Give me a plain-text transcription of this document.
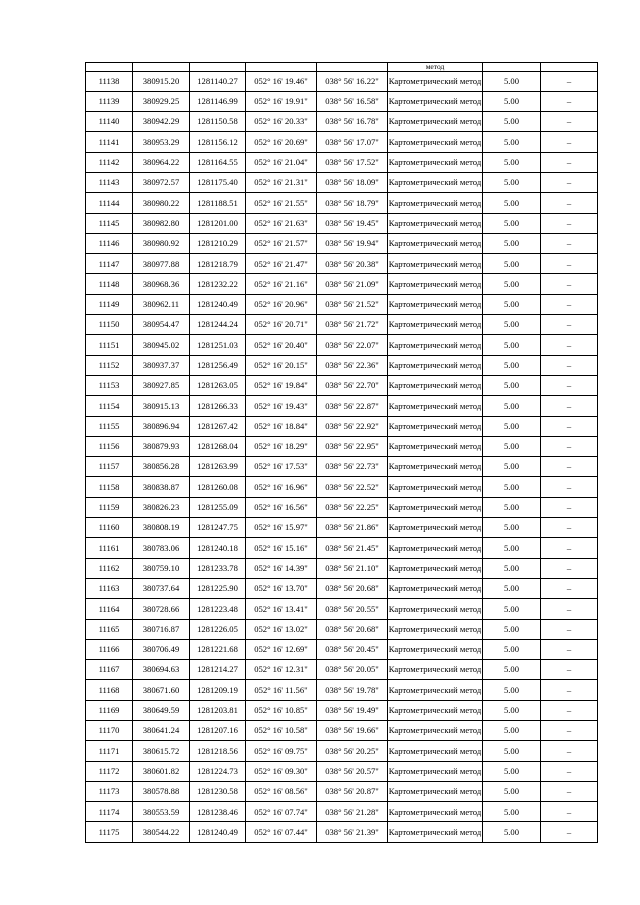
					метод		
11138	380915.20	1281140.27	052° 16' 19.46"	038° 56' 16.22"	Картометрический метод	5.00	–
11139	380929.25	1281146.99	052° 16' 19.91"	038° 56' 16.58"	Картометрический метод	5.00	–
11140	380942.29	1281150.58	052° 16' 20.33"	038° 56' 16.78"	Картометрический метод	5.00	–
11141	380953.29	1281156.12	052° 16' 20.69"	038° 56' 17.07"	Картометрический метод	5.00	–
11142	380964.22	1281164.55	052° 16' 21.04"	038° 56' 17.52"	Картометрический метод	5.00	–
11143	380972.57	1281175.40	052° 16' 21.31"	038° 56' 18.09"	Картометрический метод	5.00	–
11144	380980.22	1281188.51	052° 16' 21.55"	038° 56' 18.79"	Картометрический метод	5.00	–
11145	380982.80	1281201.00	052° 16' 21.63"	038° 56' 19.45"	Картометрический метод	5.00	–
11146	380980.92	1281210.29	052° 16' 21.57"	038° 56' 19.94"	Картометрический метод	5.00	–
11147	380977.88	1281218.79	052° 16' 21.47"	038° 56' 20.38"	Картометрический метод	5.00	–
11148	380968.36	1281232.22	052° 16' 21.16"	038° 56' 21.09"	Картометрический метод	5.00	–
11149	380962.11	1281240.49	052° 16' 20.96"	038° 56' 21.52"	Картометрический метод	5.00	–
11150	380954.47	1281244.24	052° 16' 20.71"	038° 56' 21.72"	Картометрический метод	5.00	–
11151	380945.02	1281251.03	052° 16' 20.40"	038° 56' 22.07"	Картометрический метод	5.00	–
11152	380937.37	1281256.49	052° 16' 20.15"	038° 56' 22.36"	Картометрический метод	5.00	–
11153	380927.85	1281263.05	052° 16' 19.84"	038° 56' 22.70"	Картометрический метод	5.00	–
11154	380915.13	1281266.33	052° 16' 19.43"	038° 56' 22.87"	Картометрический метод	5.00	–
11155	380896.94	1281267.42	052° 16' 18.84"	038° 56' 22.92"	Картометрический метод	5.00	–
11156	380879.93	1281268.04	052° 16' 18.29"	038° 56' 22.95"	Картометрический метод	5.00	–
11157	380856.28	1281263.99	052° 16' 17.53"	038° 56' 22.73"	Картометрический метод	5.00	–
11158	380838.87	1281260.08	052° 16' 16.96"	038° 56' 22.52"	Картометрический метод	5.00	–
11159	380826.23	1281255.09	052° 16' 16.56"	038° 56' 22.25"	Картометрический метод	5.00	–
11160	380808.19	1281247.75	052° 16' 15.97"	038° 56' 21.86"	Картометрический метод	5.00	–
11161	380783.06	1281240.18	052° 16' 15.16"	038° 56' 21.45"	Картометрический метод	5.00	–
11162	380759.10	1281233.78	052° 16' 14.39"	038° 56' 21.10"	Картометрический метод	5.00	–
11163	380737.64	1281225.90	052° 16' 13.70"	038° 56' 20.68"	Картометрический метод	5.00	–
11164	380728.66	1281223.48	052° 16' 13.41"	038° 56' 20.55"	Картометрический метод	5.00	–
11165	380716.87	1281226.05	052° 16' 13.02"	038° 56' 20.68"	Картометрический метод	5.00	–
11166	380706.49	1281221.68	052° 16' 12.69"	038° 56' 20.45"	Картометрический метод	5.00	–
11167	380694.63	1281214.27	052° 16' 12.31"	038° 56' 20.05"	Картометрический метод	5.00	–
11168	380671.60	1281209.19	052° 16' 11.56"	038° 56' 19.78"	Картометрический метод	5.00	–
11169	380649.59	1281203.81	052° 16' 10.85"	038° 56' 19.49"	Картометрический метод	5.00	–
11170	380641.24	1281207.16	052° 16' 10.58"	038° 56' 19.66"	Картометрический метод	5.00	–
11171	380615.72	1281218.56	052° 16' 09.75"	038° 56' 20.25"	Картометрический метод	5.00	–
11172	380601.82	1281224.73	052° 16' 09.30"	038° 56' 20.57"	Картометрический метод	5.00	–
11173	380578.88	1281230.58	052° 16' 08.56"	038° 56' 20.87"	Картометрический метод	5.00	–
11174	380553.59	1281238.46	052° 16' 07.74"	038° 56' 21.28"	Картометрический метод	5.00	–
11175	380544.22	1281240.49	052° 16' 07.44"	038° 56' 21.39"	Картометрический метод	5.00	–
